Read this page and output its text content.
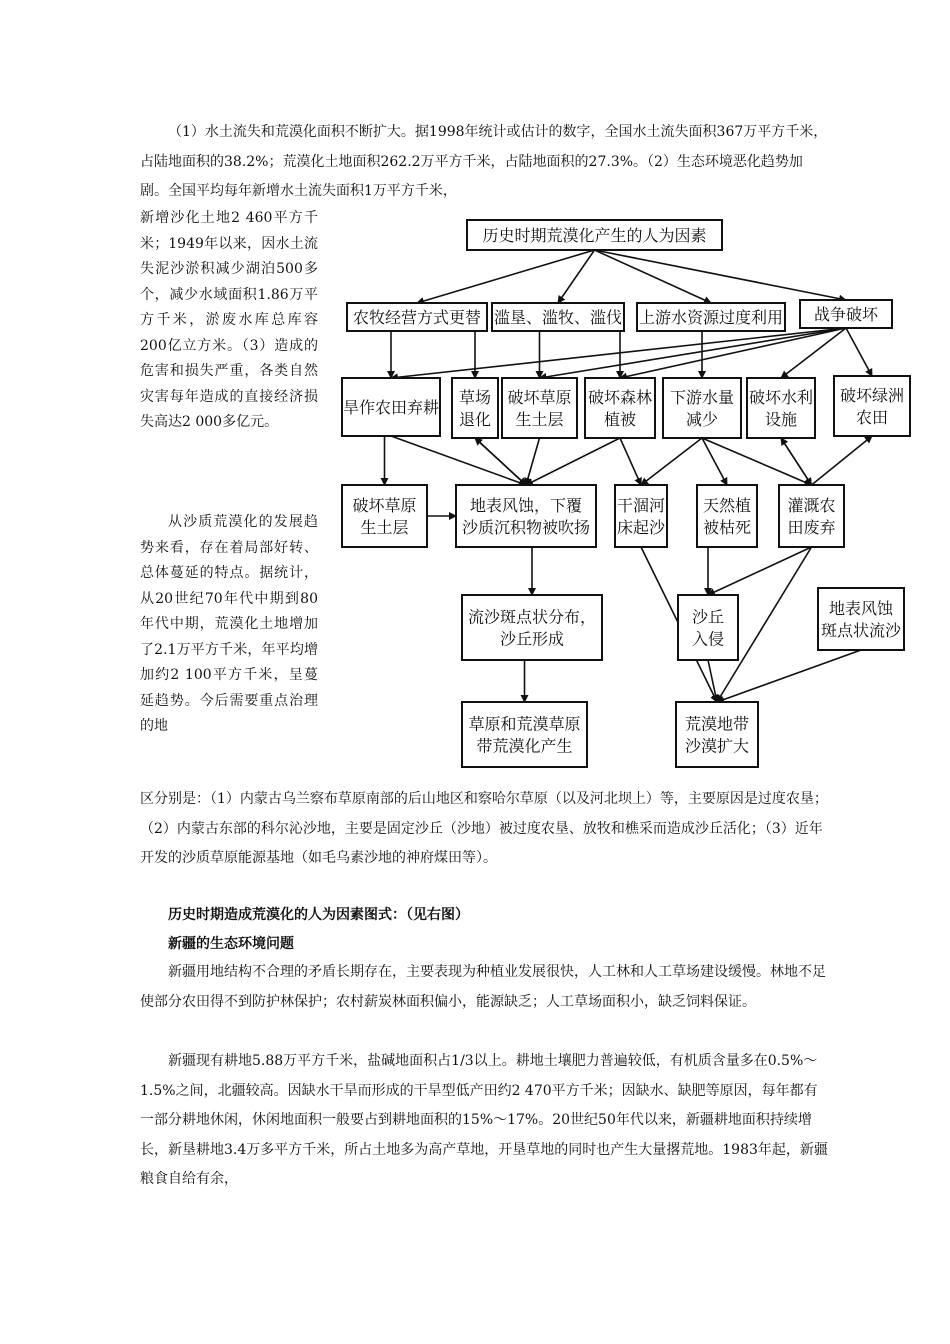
（1）水土流失和荒漠化面积不断扩大。据1998年统计或估计的数字，全国水土流失面积367万平方千米，占陆地面积的38.2%；荒漠化土地面积262.2万平方千米，占陆地面积的27.3%。（2）生态环境恶化趋势加剧。全国平均每年新增水土流失面积1万平方千米，

新增沙化土地2 460平方千米；1949年以来，因水土流失泥沙淤积减少湖泊500多个，减少水域面积1.86万平方千米，淤废水库总库容200亿立方米。（3）造成的危害和损失严重，各类自然灾害每年造成的直接经济损失高达2 000多亿元。

从沙质荒漠化的发展趋势来看，存在着局部好转、总体蔓延的特点。据统计，从20世纪70年代中期到80年代中期，荒漠化土地增加了2.1万平方千米，年平均增加约2 100平方千米，呈蔓延趋势。今后需要重点治理的地

区分别是：（1）内蒙古乌兰察布草原南部的后山地区和察哈尔草原（以及河北坝上）等，主要原因是过度农垦；（2）内蒙古东部的科尔沁沙地，主要是固定沙丘（沙地）被过度农垦、放牧和樵采而造成沙丘活化；（3）近年开发的沙质草原能源基地（如毛乌素沙地的神府煤田等）。

历史时期造成荒漠化的人为因素图式：（见右图）

新疆的生态环境问题

新疆用地结构不合理的矛盾长期存在，主要表现为种植业发展很快，人工林和人工草场建设缓慢。林地不足使部分农田得不到防护林保护；农村薪炭林面积偏小，能源缺乏；人工草场面积小，缺乏饲料保证。

新疆现有耕地5.88万平方千米，盐碱地面积占1/3以上。耕地土壤肥力普遍较低，有机质含量多在0.5%～1.5%之间，北疆较高。因缺水干旱而形成的干旱型低产田约2 470平方千米；因缺水、缺肥等原因，每年都有一部分耕地休闲，休闲地面积一般要占到耕地面积的15%～17%。20世纪50年代以来，新疆耕地面积持续增长，新垦耕地3.4万多平方千米，所占土地多为高产草地，开垦草地的同时也产生大量撂荒地。1983年起，新疆粮食自给有余，

历史时期荒漠化产生的人为因素
农牧经营方式更替 滥垦、滥牧、滥伐 上游水资源过度利用 战争破坏
旱作农田弃耕
草场
退化
破坏草原
生土层
破坏森林
植被
下游水量
减少
破坏水利
设施
破坏绿洲
农田
破坏草原
生土层
地表风蚀，下覆
沙质沉积物被吹扬
干涸河
床起沙
天然植
被枯死
灌溉农
田废弃
流沙斑点状分布，
沙丘形成
沙丘
入侵
地表风蚀
斑点状流沙
草原和荒漠草原
带荒漠化产生
荒漠地带
沙漠扩大
